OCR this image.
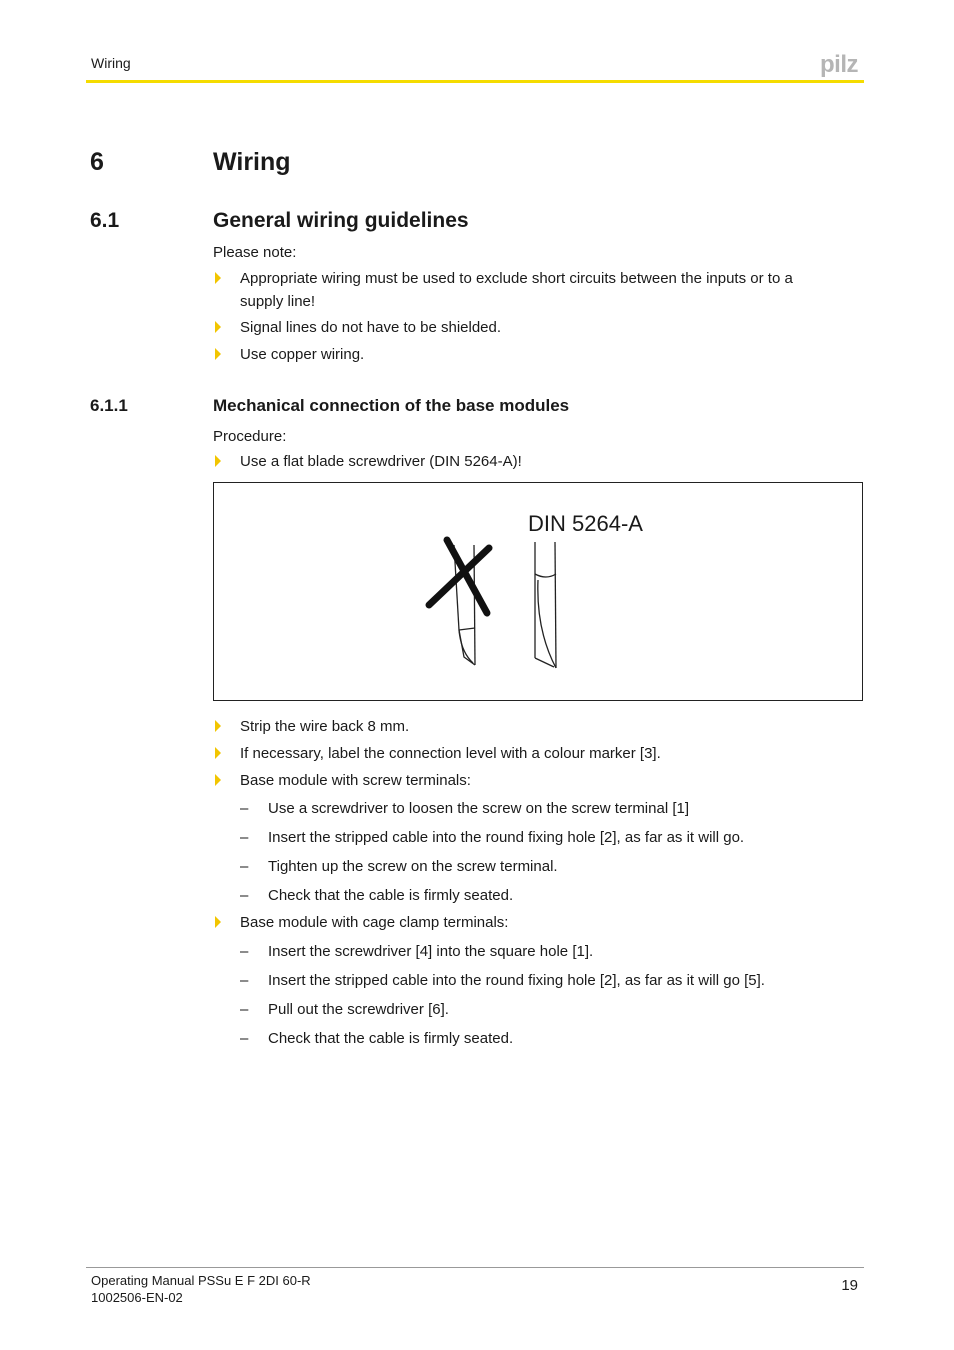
Wiring	pilz
6	Wiring
6.1	General wiring guidelines
Please note:
Appropriate wiring must be used to exclude short circuits between the inputs or to a supply line!
Signal lines do not have to be shielded.
Use copper wiring.
6.1.1	Mechanical connection of the base modules
Procedure:
Use a flat blade screwdriver (DIN 5264-A)!
DIN 5264-A
Strip the wire back 8 mm.
If necessary, label the connection level with a colour marker [3].
Base module with screw terminals:
– Use a screwdriver to loosen the screw on the screw terminal [1]
– Insert the stripped cable into the round fixing hole [2], as far as it will go.
– Tighten up the screw on the screw terminal.
– Check that the cable is firmly seated.
Base module with cage clamp terminals:
– Insert the screwdriver [4] into the square hole [1].
– Insert the stripped cable into the round fixing hole [2], as far as it will go [5].
– Pull out the screwdriver [6].
– Check that the cable is firmly seated.
Operating Manual PSSu E F 2DI 60-R
1002506-EN-02
19
